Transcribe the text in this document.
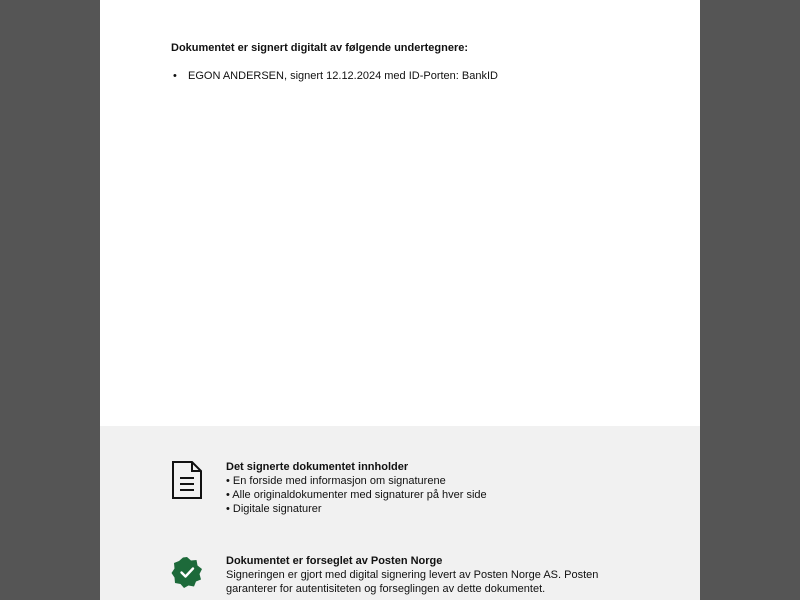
Dokumentet er signert digitalt av følgende undertegnere:

•	EGON ANDERSEN, signert 12.12.2024 med ID-Porten: BankID
Det signerte dokumentet innholder
• En forside med informasjon om signaturene
• Alle originaldokumenter med signaturer på hver side
• Digitale signaturer
Dokumentet er forseglet av Posten Norge
Signeringen er gjort med digital signering levert av Posten Norge AS. Posten garanterer for autentisiteten og forseglingen av dette dokumentet.
